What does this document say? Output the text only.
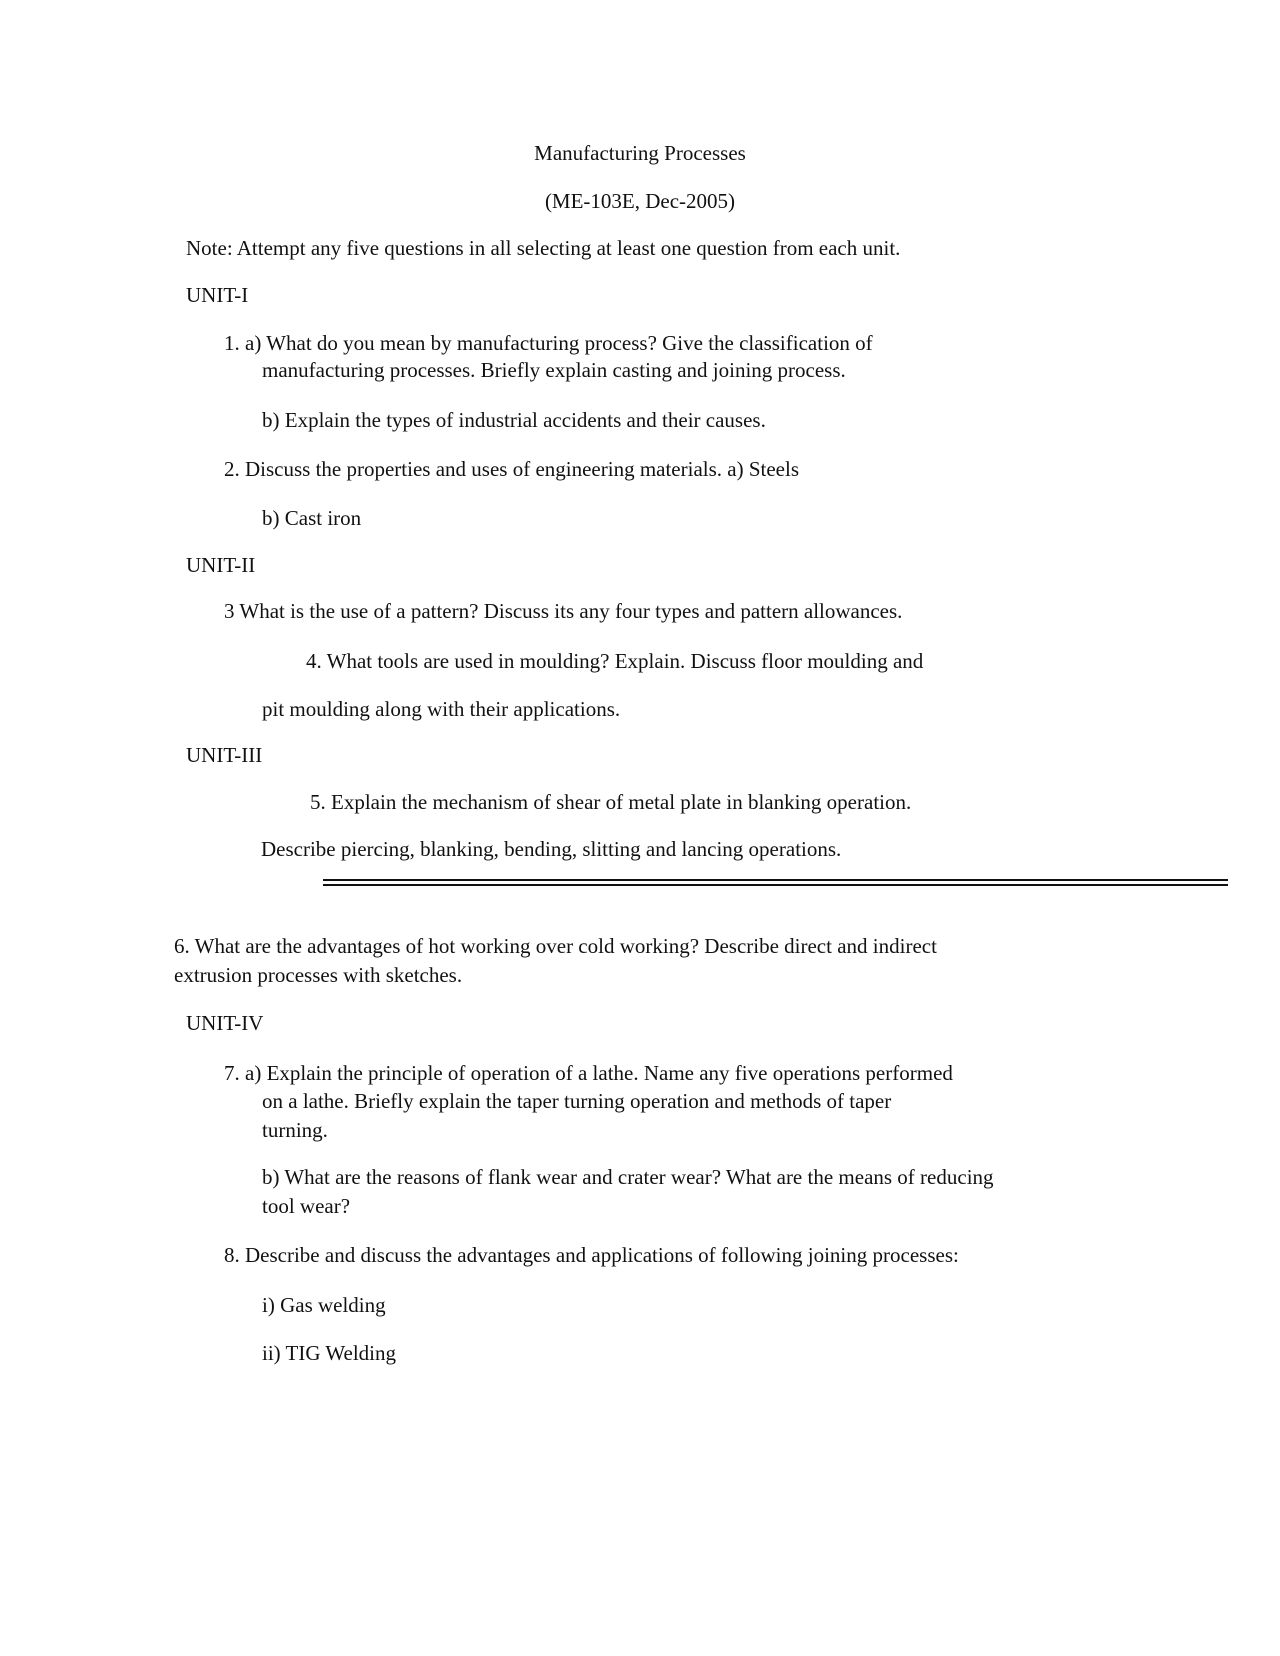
Manufacturing Processes
(ME-103E, Dec-2005)
Note: Attempt any five questions in all selecting at least one question from each unit.
UNIT-I
1. a) What do you mean by manufacturing process? Give the classification of
manufacturing processes. Briefly explain casting and joining process.
b) Explain the types of industrial accidents and their causes.
2. Discuss the properties and uses of engineering materials. a) Steels
b) Cast iron
UNIT-II
3 What is the use of a pattern? Discuss its any four types and pattern allowances.
4. What tools are used in moulding? Explain. Discuss floor moulding and
pit moulding along with their applications.
UNIT-III
5. Explain the mechanism of shear of metal plate in blanking operation.
Describe piercing, blanking, bending, slitting and lancing operations.
6. What are the advantages of hot working over cold working? Describe direct and indirect
extrusion processes with sketches.
UNIT-IV
7. a) Explain the principle of operation of a lathe. Name any five operations performed
on a lathe. Briefly explain the taper turning operation and methods of taper
turning.
b) What are the reasons of flank wear and crater wear? What are the means of reducing
tool wear?
8. Describe and discuss the advantages and applications of following joining processes:
i) Gas welding
ii) TIG Welding
